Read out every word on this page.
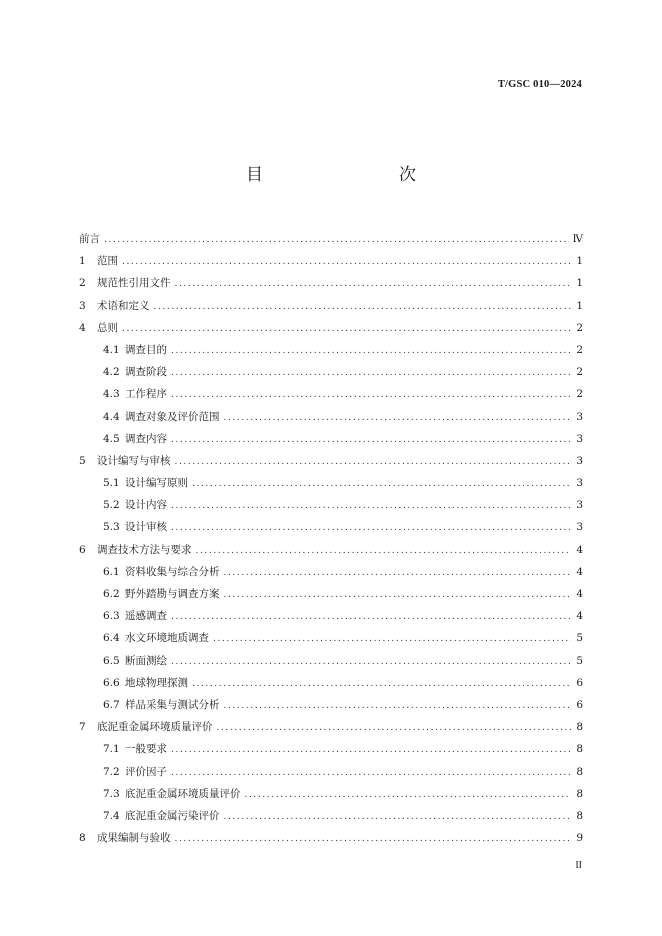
T/GSC 010—2024
目　　次
前言 .....	Ⅳ
1	范围 .....	1
2	规范性引用文件 .....	1
3	术语和定义 .....	1
4	总则 .....	2
4.1 调查目的 .....	2
4.2 调查阶段 .....	2
4.3 工作程序 .....	2
4.4 调查对象及评价范围 .....	3
4.5 调查内容 .....	3
5	设计编写与审核 .....	3
5.1 设计编写原则 .....	3
5.2 设计内容 .....	3
5.3 设计审核 .....	3
6	调查技术方法与要求 .....	4
6.1 资料收集与综合分析 .....	4
6.2 野外踏勘与调查方案 .....	4
6.3 遥感调查 .....	4
6.4 水文环境地质调查 .....	5
6.5 断面测绘 .....	5
6.6 地球物理探测 .....	6
6.7 样品采集与测试分析 .....	6
7	底泥重金属环境质量评价 .....	8
7.1 一般要求 .....	8
7.2 评价因子 .....	8
7.3 底泥重金属环境质量评价 .....	8
7.4 底泥重金属污染评价 .....	8
8	成果编制与验收 .....	9
II
